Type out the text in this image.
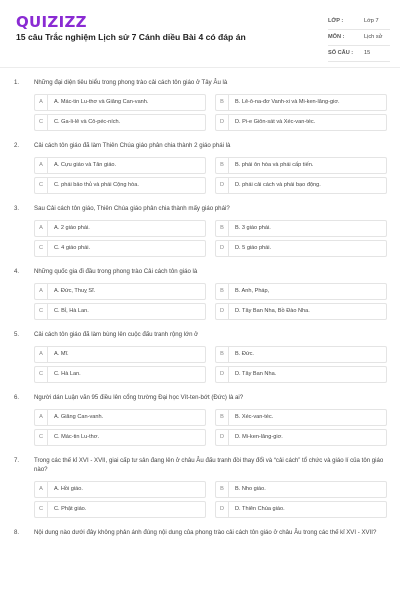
QUIZIZZ
15 câu Trắc nghiệm Lịch sử 7 Cánh diều Bài 4 có đáp án
LỚP :	Lớp 7
MÔN :	Lịch sử
SỐ CÂU : 15
1.	Những đại diện tiêu biểu trong phong trào cải cách tôn giáo ở Tây Âu là
A	A. Mác-tin Lu-thơ và Giăng Can-vanh.	B	B. Lê-ô-na-đơ Vanh-xi và Mi-ken-lăng-giơ.
C	C. Ga-li-lê và Cô-péc-ních.	D	D. Pi-e Giôn-sát và Xéc-van-téc.
2.	Cải cách tôn giáo đã làm Thiên Chúa giáo phân chia thành 2 giáo phái là
A	A. Cựu giáo và Tân giáo.	B	B. phái ôn hòa và phái cấp tiến.
C	C. phái bảo thủ và phái Cộng hòa.	D	D. phái cải cách và phái bạo động.
3.	Sau Cải cách tôn giáo, Thiên Chúa giáo phân chia thành mấy giáo phái?
A	A. 2 giáo phái.	B	B. 3 giáo phái.
C	C. 4 giáo phái.	D	D. 5 giáo phái.
4.	Những quốc gia đi đầu trong phong trào Cải cách tôn giáo là
A	A. Đức, Thuỵ Sĩ.	B	B. Anh, Pháp,
C	C. Bỉ, Hà Lan.	D	D. Tây Ban Nha, Bồ Đào Nha.
5.	Cải cách tôn giáo đã làm bùng lên cuộc đấu tranh rộng lớn ở
A	A. Mĩ.	B	B. Đức.
C	C. Hà Lan.	D	D. Tây Ban Nha.
6.	Người dán Luận văn 95 điều lên cổng trường Đại học Vít-ten-bớt (Đức) là ai?
A	A. Giăng Can-vanh.	B	B. Xéc-van-téc.
C	C. Mác-tin Lu-thơ.	D	D. Mi-ken-lăng-giơ.
7.	Trong các thế kỉ XVI - XVII, giai cấp tư sản đang lên ở châu Âu đấu tranh đòi thay đổi và “cải cách” tổ chức và giáo lí của tôn giáo nào?
A	A. Hồi giáo.	B	B. Nho giáo.
C	C. Phật giáo.	D	D. Thiên Chúa giáo.
8.	Nội dung nào dưới đây không phản ánh đúng nội dung của phong trào cải cách tôn giáo ở châu Âu trong các thế kỉ XVI - XVII?
